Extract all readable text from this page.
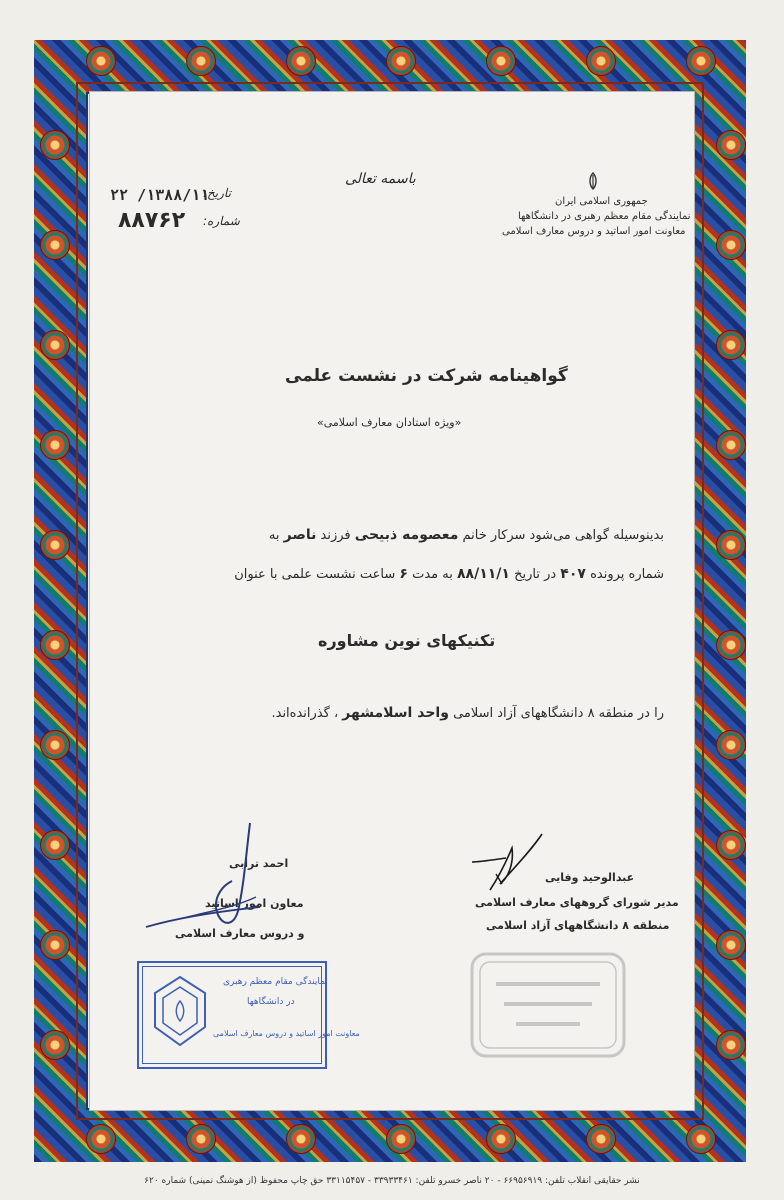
باسمه تعالی
جمهوری اسلامی ایران
نمایندگی مقام معظم رهبری در دانشگاهها
معاونت امور اساتید و دروس معارف اسلامی
تاریخ:
۱۳۸۸/۱۱/ ۲۲
شماره:
۸۸۷۶۲
گواهینامه شرکت در نشست علمی
«ویژه استادان معارف اسلامی»
بدینوسیله گواهی می‌شود سرکار خانم معصومه ذبیحی فرزند ناصر به
شماره پرونده ۴۰۷ در تاریخ ۸۸/۱۱/۱ به مدت ۶ ساعت نشست علمی با عنوان
تکنیکهای نوین مشاوره
را در منطقه ۸ دانشگاههای آزاد اسلامی واحد اسلامشهر ، گذرانده‌اند.
عبدالوحید وفایی
مدیر شورای گروههای معارف اسلامی
منطقه ۸ دانشگاههای آزاد اسلامی
احمد ترابی
معاون امور اساتید
و دروس معارف اسلامی
نمایندگی مقام معظم رهبری
در دانشگاهها
معاونت امور اساتید و دروس معارف اسلامی
نشر حقایقی انقلاب تلفن: ۶۶۹۵۶۹۱۹ - ۲۰ ناصر خسرو تلفن: ۳۳۹۳۳۴۶۱ - ۳۳۱۱۵۴۵۷ حق چاپ محفوظ (از هوشنگ نمینی) شماره ۶۲۰
